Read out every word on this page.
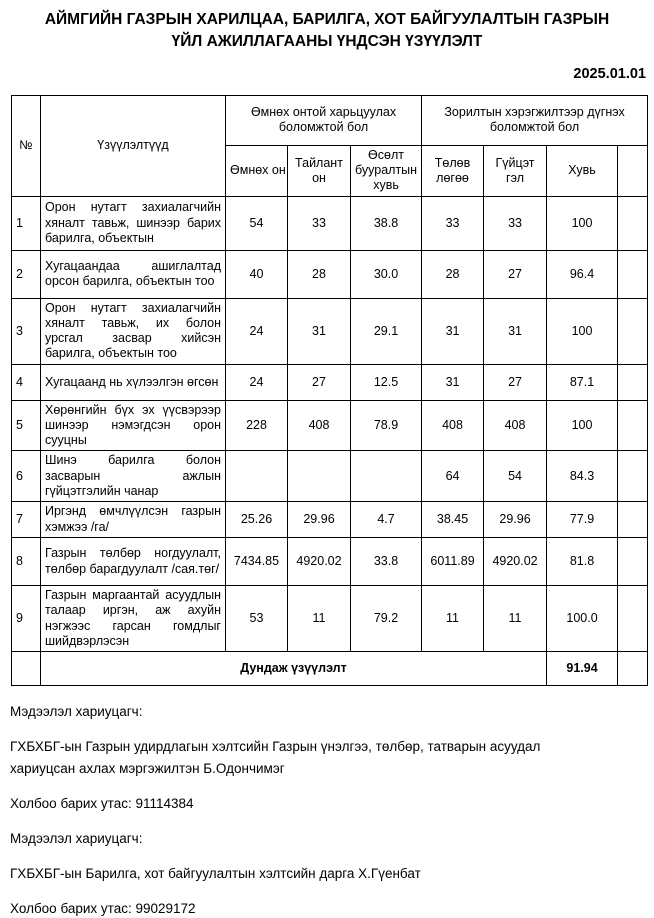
АЙМГИЙН ГАЗРЫН ХАРИЛЦАА, БАРИЛГА, ХОТ БАЙГУУЛАЛТЫН ГАЗРЫН ҮЙЛ АЖИЛЛАГААНЫ ҮНДСЭН ҮЗҮҮЛЭЛТ
2025.01.01
№	Үзүүлэлтүүд	Өмнөх онтой харьцуулах боломжтой бол			Зорилтын хэрэгжилтээр дүгнэх боломжтой бол			
		Өмнөх он	Тайлант он	Өсөлт бууралтын хувь	Төлөв лөгөө	Гүйцэт гэл	Хувь	
1	Орон нутагт захиалагчийн хяналт тавьж, шинээр барих барилга, объектын	54	33	38.8	33	33	100	
2	Хугацаандаа ашиглалтад орсон барилга, объектын тоо	40	28	30.0	28	27	96.4	
3	Орон нутагт захиалагчийн хяналт тавьж, их болон урсгал засвар хийсэн барилга, объектын тоо	24	31	29.1	31	31	100	
4	Хугацаанд нь хүлээлгэн өгсөн	24	27	12.5	31	27	87.1	
5	Хөрөнгийн бүх эх үүсвэрээр шинээр нэмэгдсэн орон сууцны	228	408	78.9	408	408	100	
6	Шинэ барилга болон засварын ажлын гүйцэтгэлийн чанар				64	54	84.3	
7	Иргэнд өмчлүүлсэн газрын хэмжээ /га/	25.26	29.96	4.7	38.45	29.96	77.9	
8	Газрын төлбөр ногдуулалт, төлбөр барагдуулалт /сая.төг/	7434.85	4920.02	33.8	6011.89	4920.02	81.8	
9	Газрын маргаантай асуудлын талаар иргэн, аж ахуйн нэгжээс гарсан гомдлыг шийдвэрлэсэн	53	11	79.2	11	11	100.0	
	Дундаж үзүүлэлт						91.94	
Мэдээлэл хариуцагч:
ГХБХБГ-ын Газрын удирдлагын хэлтсийн Газрын үнэлгээ, төлбөр, татварын асуудал хариуцсан ахлах мэргэжилтэн Б.Одончимэг
Холбоо барих утас: 91114384
Мэдээлэл хариуцагч:
ГХБХБГ-ын Барилга, хот байгуулалтын хэлтсийн дарга Х.Гүенбат
Холбоо барих утас: 99029172
